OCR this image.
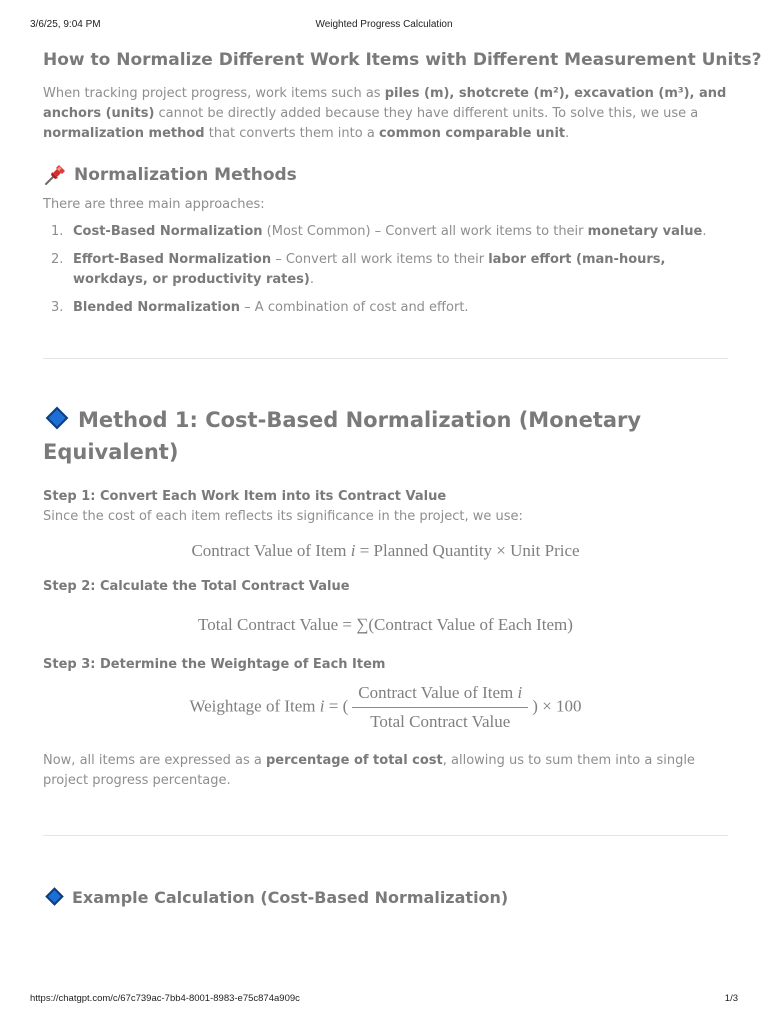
3/6/25, 9:04 PM	Weighted Progress Calculation
How to Normalize Different Work Items with Different Measurement Units?

When tracking project progress, work items such as piles (m), shotcrete (m²), excavation (m³), and anchors (units) cannot be directly added because they have different units. To solve this, we use a normalization method that converts them into a common comparable unit.

Normalization Methods

There are three main approaches:

1. Cost-Based Normalization (Most Common) – Convert all work items to their monetary value.
2. Effort-Based Normalization – Convert all work items to their labor effort (man-hours, workdays, or productivity rates).
3. Blended Normalization – A combination of cost and effort.
Method 1: Cost-Based Normalization (Monetary
Equivalent)
Step 1: Convert Each Work Item into its Contract Value
Since the cost of each item reflects its significance in the project, we use:
Contract Value of Item i = Planned Quantity × Unit Price
Step 2: Calculate the Total Contract Value
Total Contract Value = ∑(Contract Value of Each Item)
Step 3: Determine the Weightage of Each Item
Weightage of Item i = ( $\frac{\text{Contract Value of Item i}}{\text{Total Contract Value}}$ ) × 100

Now, all items are expressed as a percentage of total cost, allowing us to sum them into a single project progress percentage.

Example Calculation (Cost-Based Normalization)
https://chatgpt.com/c/67c739ac-7bb4-8001-8983-e75c874a909c	1/3
